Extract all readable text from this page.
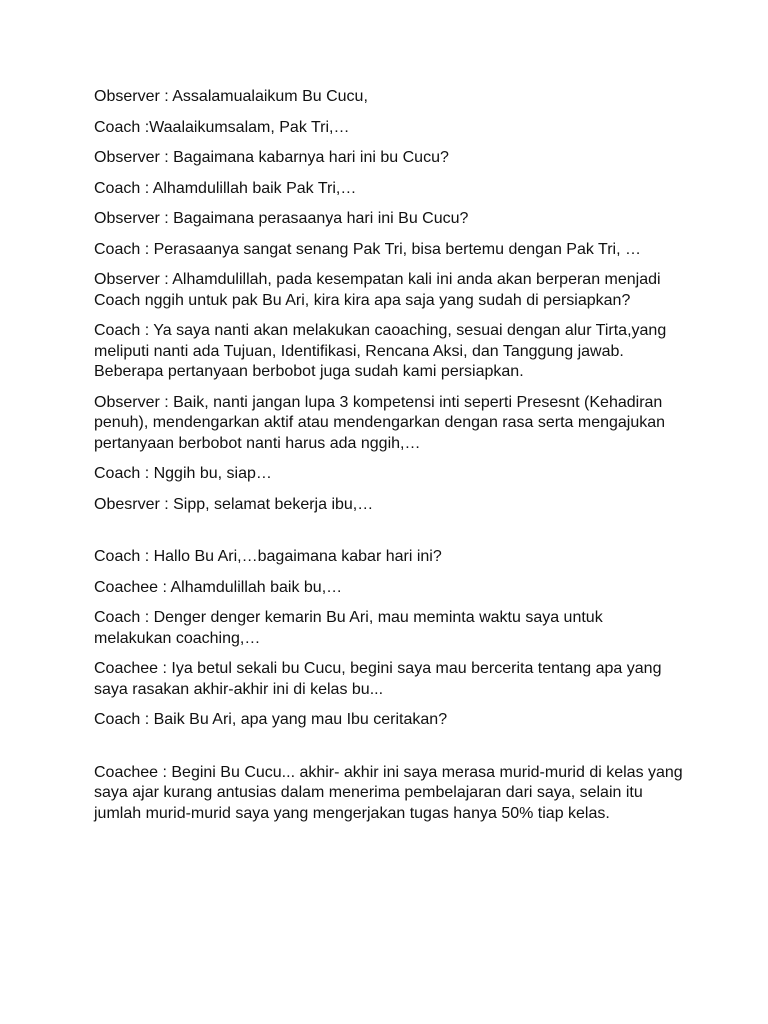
Observer : Assalamualaikum Bu Cucu,

Coach :Waalaikumsalam, Pak Tri,…

Observer : Bagaimana kabarnya hari ini bu Cucu?

Coach : Alhamdulillah baik Pak Tri,…

Observer : Bagaimana perasaanya hari ini Bu Cucu?

Coach : Perasaanya sangat senang Pak Tri, bisa bertemu dengan Pak Tri, …

Observer : Alhamdulillah, pada kesempatan kali ini anda akan berperan menjadi Coach nggih untuk pak Bu Ari, kira kira apa saja yang sudah di persiapkan?

Coach : Ya saya nanti akan melakukan caoaching, sesuai dengan alur Tirta,yang meliputi nanti ada Tujuan, Identifikasi, Rencana Aksi, dan Tanggung jawab. Beberapa pertanyaan berbobot juga sudah kami persiapkan.

Observer : Baik, nanti jangan lupa 3 kompetensi inti seperti Presesnt (Kehadiran penuh), mendengarkan aktif atau mendengarkan dengan rasa serta mengajukan pertanyaan berbobot nanti harus ada nggih,…

Coach : Nggih bu, siap…

Obesrver : Sipp, selamat bekerja ibu,…

Coach : Hallo Bu Ari,…bagaimana kabar hari ini?

Coachee : Alhamdulillah baik bu,…

Coach : Denger denger kemarin Bu Ari, mau meminta waktu saya untuk melakukan coaching,…

Coachee : Iya betul sekali bu Cucu, begini saya mau bercerita tentang apa yang saya rasakan akhir-akhir ini di kelas bu...

Coach : Baik Bu Ari, apa yang mau Ibu ceritakan?

Coachee : Begini Bu Cucu... akhir- akhir ini saya merasa murid-murid di kelas yang saya ajar kurang antusias dalam menerima pembelajaran dari saya, selain itu jumlah murid-murid saya yang mengerjakan tugas hanya 50% tiap kelas.
